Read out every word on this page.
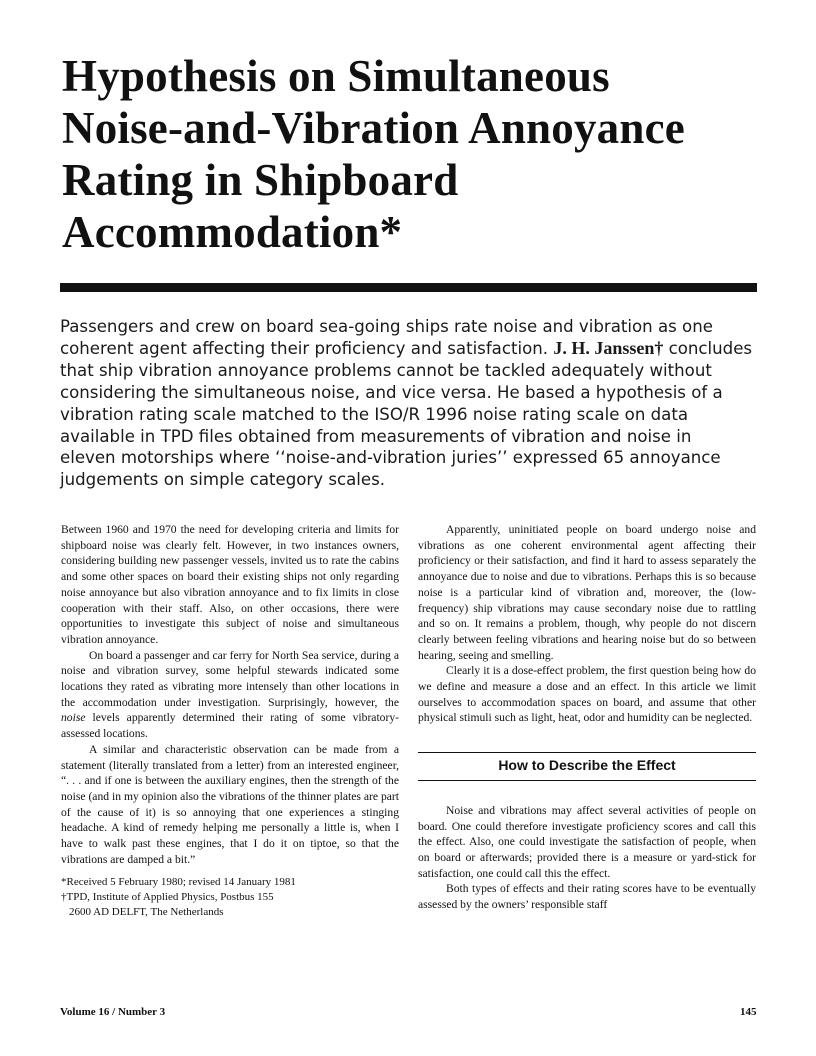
Hypothesis on Simultaneous
Noise-and-Vibration Annoyance
Rating in Shipboard
Accommodation*
Passengers and crew on board sea-going ships rate noise and vibration as one
coherent agent affecting their proficiency and satisfaction. J. H. Janssen† concludes
that ship vibration annoyance problems cannot be tackled adequately without
considering the simultaneous noise, and vice versa. He based a hypothesis of a
vibration rating scale matched to the ISO/R 1996 noise rating scale on data
available in TPD files obtained from measurements of vibration and noise in
eleven motorships where ‘‘noise-and-vibration juries’’ expressed 65 annoyance
judgements on simple category scales.

Between 1960 and 1970 the need for developing criteria and limits for shipboard noise was clearly felt. However, in two instances owners, considering building new passenger vessels, invited us to rate the cabins and some other spaces on board their existing ships not only regarding noise annoyance but also vibration annoyance and to fix limits in close cooperation with their staff. Also, on other occasions, there were opportunities to investigate this subject of noise and simultaneous vibration annoyance.

On board a passenger and car ferry for North Sea service, during a noise and vibration survey, some helpful stewards indicated some locations they rated as vibrating more intensely than other locations in the accommodation under investigation. Surprisingly, however, the noise levels apparently determined their rating of some vibratory-assessed locations.

A similar and characteristic observation can be made from a statement (literally translated from a letter) from an interested engineer, “. . . and if one is between the auxiliary engines, then the strength of the noise (and in my opinion also the vibrations of the thinner plates are part of the cause of it) is so annoying that one experiences a stinging headache. A kind of remedy helping me personally a little is, when I have to walk past these engines, that I do it on tiptoe, so that the vibrations are damped a bit.”

*Received 5 February 1980; revised 14 January 1981
†TPD, Institute of Applied Physics, Postbus 155
2600 AD DELFT, The Netherlands

Apparently, uninitiated people on board undergo noise and vibrations as one coherent environmental agent affecting their proficiency or their satisfaction, and find it hard to assess separately the annoyance due to noise and due to vibrations. Perhaps this is so because noise is a particular kind of vibration and, moreover, the (low-frequency) ship vibrations may cause secondary noise due to rattling and so on. It remains a problem, though, why people do not discern clearly between feeling vibrations and hearing noise but do so between hearing, seeing and smelling.

Clearly it is a dose-effect problem, the first question being how do we define and measure a dose and an effect. In this article we limit ourselves to accommodation spaces on board, and assume that other physical stimuli such as light, heat, odor and humidity can be neglected.

How to Describe the Effect

Noise and vibrations may affect several activities of people on board. One could therefore investigate proficiency scores and call this the effect. Also, one could investigate the satisfaction of people, when on board or afterwards; provided there is a measure or yard-stick for satisfaction, one could call this the effect.

Both types of effects and their rating scores have to be eventually assessed by the owners’ responsible staff

Volume 16 / Number 3	145
